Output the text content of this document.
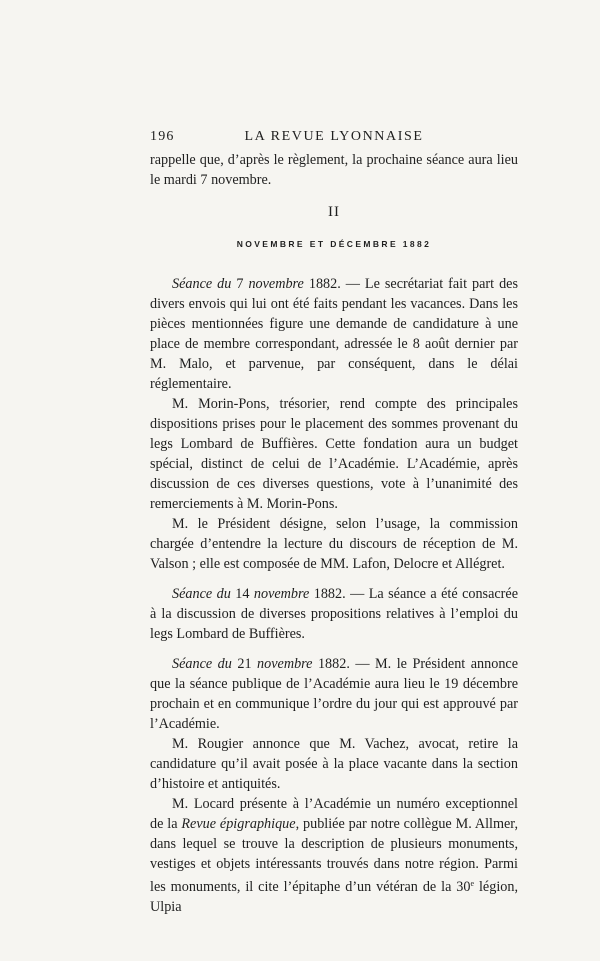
196	LA REVUE LYONNAISE

rappelle que, d’après le règlement, la prochaine séance aura lieu le mardi 7 novembre.

II
NOVEMBRE ET DÉCEMBRE 1882

Séance du 7 novembre 1882. — Le secrétariat fait part des divers envois qui lui ont été faits pendant les vacances. Dans les pièces mentionnées figure une demande de candidature à une place de membre correspondant, adressée le 8 août dernier par M. Malo, et parvenue, par conséquent, dans le délai réglementaire.

M. Morin-Pons, trésorier, rend compte des principales dispositions prises pour le placement des sommes provenant du legs Lombard de Buffières. Cette fondation aura un budget spécial, distinct de celui de l’Académie. L’Académie, après discussion de ces diverses questions, vote à l’unanimité des remerciements à M. Morin-Pons.

M. le Président désigne, selon l’usage, la commission chargée d’entendre la lecture du discours de réception de M. Valson ; elle est composée de MM. Lafon, Delocre et Allégret.

Séance du 14 novembre 1882. — La séance a été consacrée à la discussion de diverses propositions relatives à l’emploi du legs Lombard de Buffières.

Séance du 21 novembre 1882. — M. le Président annonce que la séance publique de l’Académie aura lieu le 19 décembre prochain et en communique l’ordre du jour qui est approuvé par l’Académie.

M. Rougier annonce que M. Vachez, avocat, retire la candidature qu’il avait posée à la place vacante dans la section d’histoire et antiquités.

M. Locard présente à l’Académie un numéro exceptionnel de la Revue épigraphique, publiée par notre collègue M. Allmer, dans lequel se trouve la description de plusieurs monuments, vestiges et objets intéressants trouvés dans notre région. Parmi les monuments, il cite l’épitaphe d’un vétéran de la 30e légion, Ulpia
